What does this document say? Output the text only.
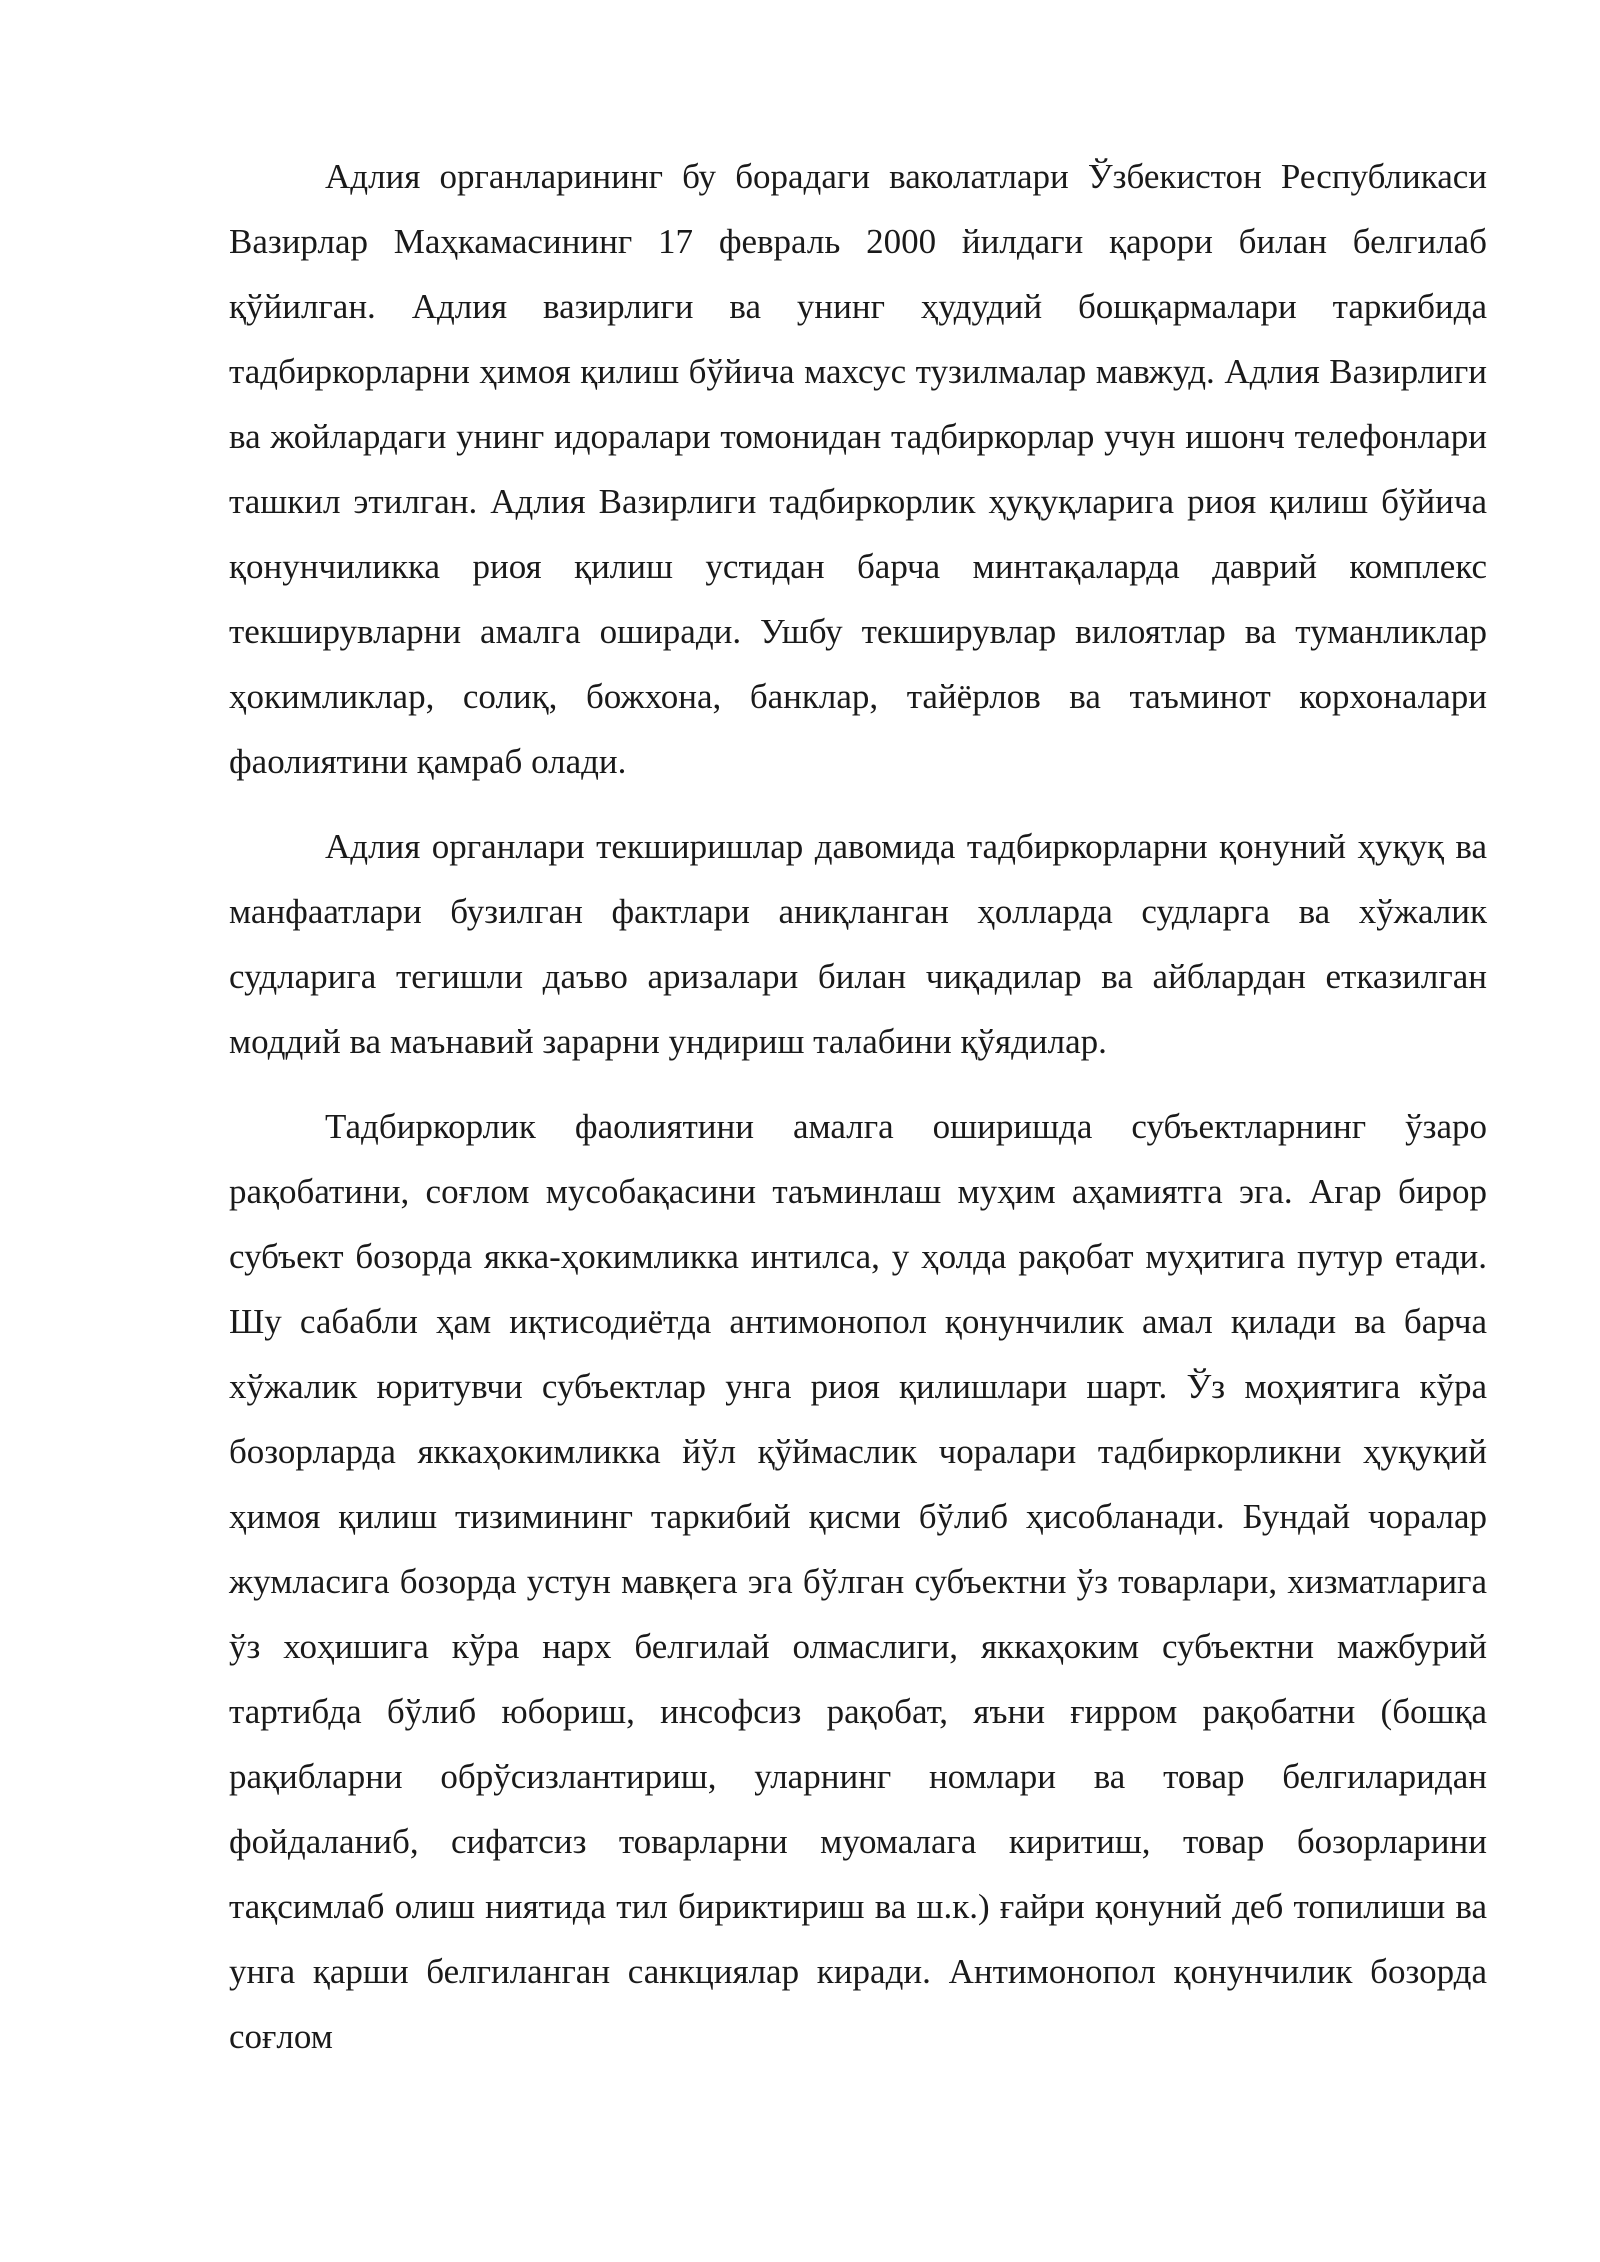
Адлия органларининг бу борадаги ваколатлари Ўзбекистон Республикаси Вазирлар Маҳкамасининг 17 февраль 2000 йилдаги қарори билан белгилаб қўйилган. Адлия вазирлиги ва унинг ҳудудий бошқармалари таркибида тадбиркорларни ҳимоя қилиш бўйича махсус тузилмалар мавжуд. Адлия Вазирлиги ва жойлардаги унинг идоралари томонидан тадбиркорлар учун ишонч телефонлари ташкил этилган. Адлия Вазирлиги тадбиркорлик ҳуқуқларига риоя қилиш бўйича қонунчиликка риоя қилиш устидан барча минтақаларда даврий комплекс текширувларни амалга оширади. Ушбу текширувлар вилоятлар ва туманликлар ҳокимликлар, солиқ, божхона, банклар, тайёрлов ва таъминот корхоналари фаолиятини қамраб олади.

Адлия органлари текширишлар давомида тадбиркорларни қонуний ҳуқуқ ва манфаатлари бузилган фактлари аниқланган ҳолларда судларга ва хўжалик судларига тегишли даъво аризалари билан чиқадилар ва айблардан етказилган моддий ва маънавий зарарни ундириш талабини қўядилар.

Тадбиркорлик фаолиятини амалга оширишда субъектларнинг ўзаро рақобатини, соғлом мусобақасини таъминлаш муҳим аҳамиятга эга. Агар бирор субъект бозорда якка-ҳокимликка интилса, у ҳолда рақобат муҳитига путур етади. Шу сабабли ҳам иқтисодиётда антимонопол қонунчилик амал қилади ва барча хўжалик юритувчи субъектлар унга риоя қилишлари шарт. Ўз моҳиятига кўра бозорларда яккаҳокимликка йўл қўймаслик чоралари тадбиркорликни ҳуқуқий ҳимоя қилиш тизимининг таркибий қисми бўлиб ҳисобланади. Бундай чоралар жумласига бозорда устун мавқега эга бўлган субъектни ўз товарлари, хизматларига ўз хоҳишига кўра нарх белгилай олмаслиги, яккаҳоким субъектни мажбурий тартибда бўлиб юбориш, инсофсиз рақобат, яъни ғирром рақобатни (бошқа рақибларни обрўсизлантириш, уларнинг номлари ва товар белгиларидан фойдаланиб, сифатсиз товарларни муомалага киритиш, товар бозорларини тақсимлаб олиш ниятида тил бириктириш ва ш.к.) ғайри қонуний деб топилиши ва унга қарши белгиланган санкциялар киради. Антимонопол қонунчилик бозорда соғлом
